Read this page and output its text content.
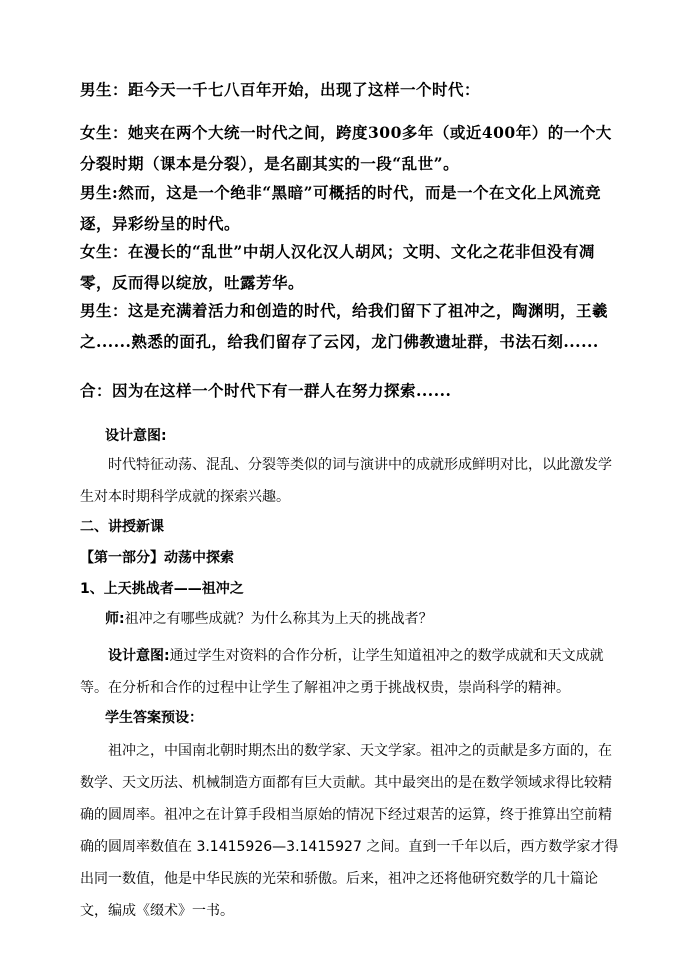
男生：距今天一千七八百年开始，出现了这样一个时代：

女生：她夹在两个大统一时代之间，跨度300多年（或近400年）的一个大分裂时期（课本是分裂），是名副其实的一段“乱世”。

男生:然而，这是一个绝非“黑暗”可概括的时代，而是一个在文化上风流竞逐，异彩纷呈的时代。

女生：在漫长的“乱世”中胡人汉化汉人胡风；文明、文化之花非但没有凋零，反而得以绽放，吐露芳华。

男生：这是充满着活力和创造的时代，给我们留下了祖冲之，陶渊明，王羲之......熟悉的面孔，给我们留存了云冈，龙门佛教遗址群，书法石刻......

合：因为在这样一个时代下有一群人在努力探索......

设计意图:

时代特征动荡、混乱、分裂等类似的词与演讲中的成就形成鲜明对比，以此激发学生对本时期科学成就的探索兴趣。

二、讲授新课

【第一部分】动荡中探索

1、上天挑战者——祖冲之

师:祖冲之有哪些成就？为什么称其为上天的挑战者？

设计意图:通过学生对资料的合作分析，让学生知道祖冲之的数学成就和天文成就等。在分析和合作的过程中让学生了解祖冲之勇于挑战权贵，崇尚科学的精神。

学生答案预设：

祖冲之，中国南北朝时期杰出的数学家、天文学家。祖冲之的贡献是多方面的，在数学、天文历法、机械制造方面都有巨大贡献。其中最突出的是在数学领域求得比较精确的圆周率。祖冲之在计算手段相当原始的情况下经过艰苦的运算，终于推算出空前精确的圆周率数值在 3.1415926—3.1415927 之间。直到一千年以后，西方数学家才得出同一数值，他是中华民族的光荣和骄傲。后来，祖冲之还将他研究数学的几十篇论文，编成《缀术》一书。
